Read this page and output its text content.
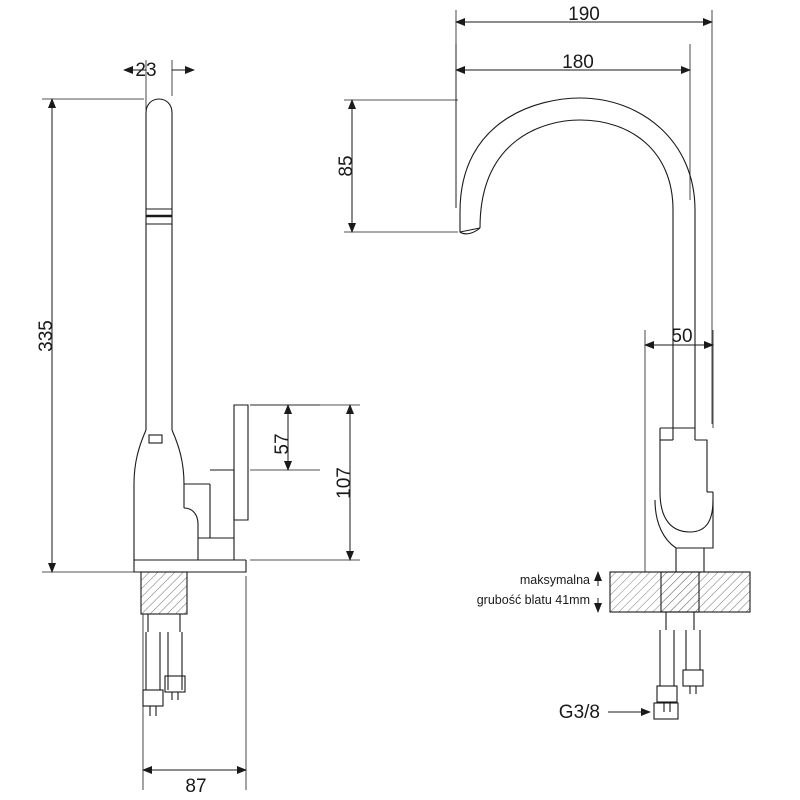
23
335
87
57
107
190
180
85
50
maksymalna
grubość blatu 41mm
G3/8
